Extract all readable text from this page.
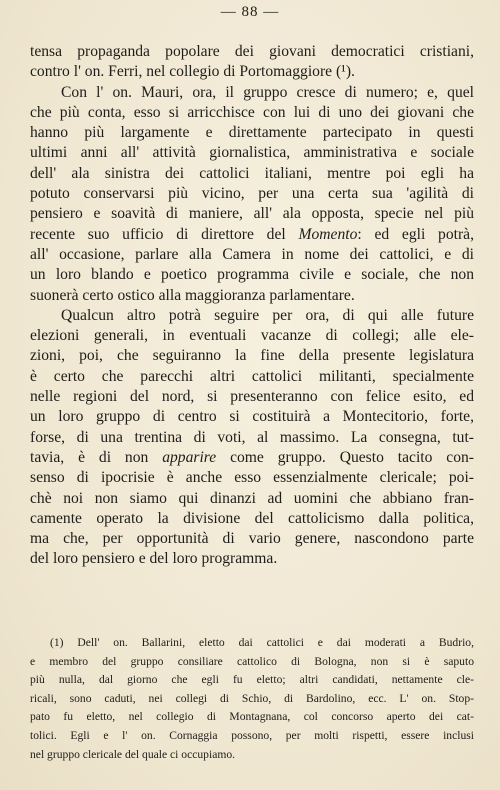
— 88 —
tensa propaganda popolare dei giovani democratici cristiani,
contro l' on. Ferri, nel collegio di Portomaggiore (¹).
Con l' on. Mauri, ora, il gruppo cresce di numero; e, quel
che più conta, esso si arricchisce con lui di uno dei giovani che
hanno più largamente e direttamente partecipato in questi
ultimi anni all' attività giornalistica, amministrativa e sociale
dell' ala sinistra dei cattolici italiani, mentre poi egli ha
potuto conservarsi più vicino, per una certa sua 'agilità di
pensiero e soavità di maniere, all' ala opposta, specie nel più
recente suo ufficio di direttore del Momento: ed egli potrà,
all' occasione, parlare alla Camera in nome dei cattolici, e di
un loro blando e poetico programma civile e sociale, che non
suonerà certo ostico alla maggioranza parlamentare.
Qualcun altro potrà seguire per ora, di qui alle future
elezioni generali, in eventuali vacanze di collegi; alle ele-
zioni, poi, che seguiranno la fine della presente legislatura
è certo che parecchi altri cattolici militanti, specialmente
nelle regioni del nord, si presenteranno con felice esito, ed
un loro gruppo di centro si costituirà a Montecitorio, forte,
forse, di una trentina di voti, al massimo. La consegna, tut-
tavia, è di non apparire come gruppo. Questo tacito con-
senso di ipocrisie è anche esso essenzialmente clericale; poi-
chè noi non siamo qui dinanzi ad uomini che abbiano fran-
camente operato la divisione del cattolicismo dalla politica,
ma che, per opportunità di vario genere, nascondono parte
del loro pensiero e del loro programma.
(1) Dell' on. Ballarini, eletto dai cattolici e dai moderati a Budrio,
e membro del gruppo consiliare cattolico di Bologna, non si è saputo
più nulla, dal giorno che egli fu eletto; altri candidati, nettamente cle-
ricali, sono caduti, nei collegi di Schio, di Bardolino, ecc. L' on. Stop-
pato fu eletto, nel collegio di Montagnana, col concorso aperto dei cat-
tolici. Egli e l' on. Cornaggia possono, per molti rispetti, essere inclusi
nel gruppo clericale del quale ci occupiamo.
